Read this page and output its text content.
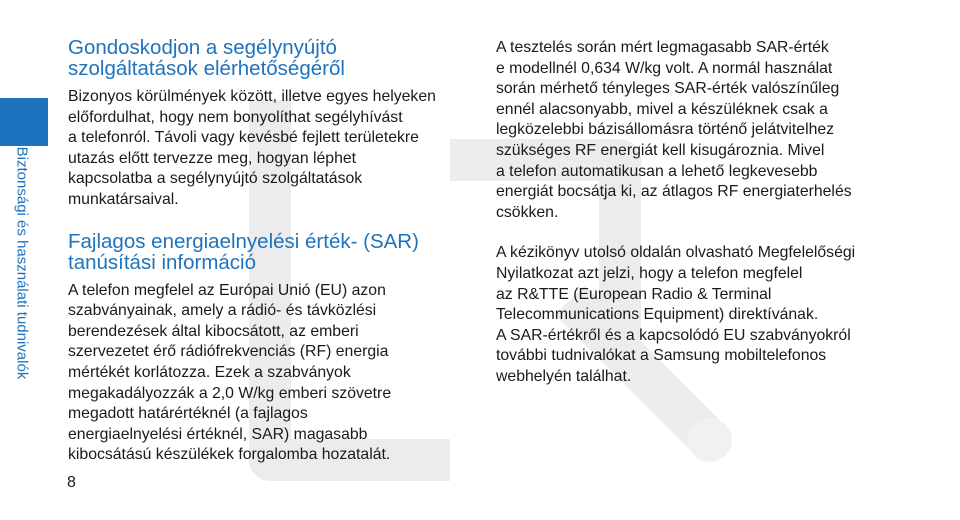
Biztonsági és használati tudnivalók
Gondoskodjon a segélynyújtó
szolgáltatások elérhetőségéről
Bizonyos körülmények között, illetve egyes helyeken
előfordulhat, hogy nem bonyolíthat segélyhívást
a telefonról. Távoli vagy kevésbé fejlett területekre
utazás előtt tervezze meg, hogyan léphet
kapcsolatba a segélynyújtó szolgáltatások
munkatársaival.
Fajlagos energiaelnyelési érték- (SAR)
tanúsítási információ
A telefon megfelel az Európai Unió (EU) azon
szabványainak, amely a rádió- és távközlési
berendezések által kibocsátott, az emberi
szervezetet érő rádiófrekvenciás (RF) energia
mértékét korlátozza. Ezek a szabványok
megakadályozzák a 2,0 W/kg emberi szövetre
megadott határértéknél (a fajlagos
energiaelnyelési értéknél, SAR) magasabb
kibocsátású készülékek forgalomba hozatalát.
A tesztelés során mért legmagasabb SAR-érték
e modellnél 0,634 W/kg volt. A normál használat
során mérhető tényleges SAR-érték valószínűleg
ennél alacsonyabb, mivel a készüléknek csak a
legközelebbi bázisállomásra történő jelátvitelhez
szükséges RF energiát kell kisugároznia. Mivel
a telefon automatikusan a lehető legkevesebb
energiát bocsátja ki, az átlagos RF energiaterhelés
csökken.
A kézikönyv utolsó oldalán olvasható Megfelelőségi
Nyilatkozat azt jelzi, hogy a telefon megfelel
az R&TTE (European Radio & Terminal
Telecommunications Equipment) direktívának.
A SAR-értékről és a kapcsolódó EU szabványokról
további tudnivalókat a Samsung mobiltelefonos
webhelyén találhat.
8
